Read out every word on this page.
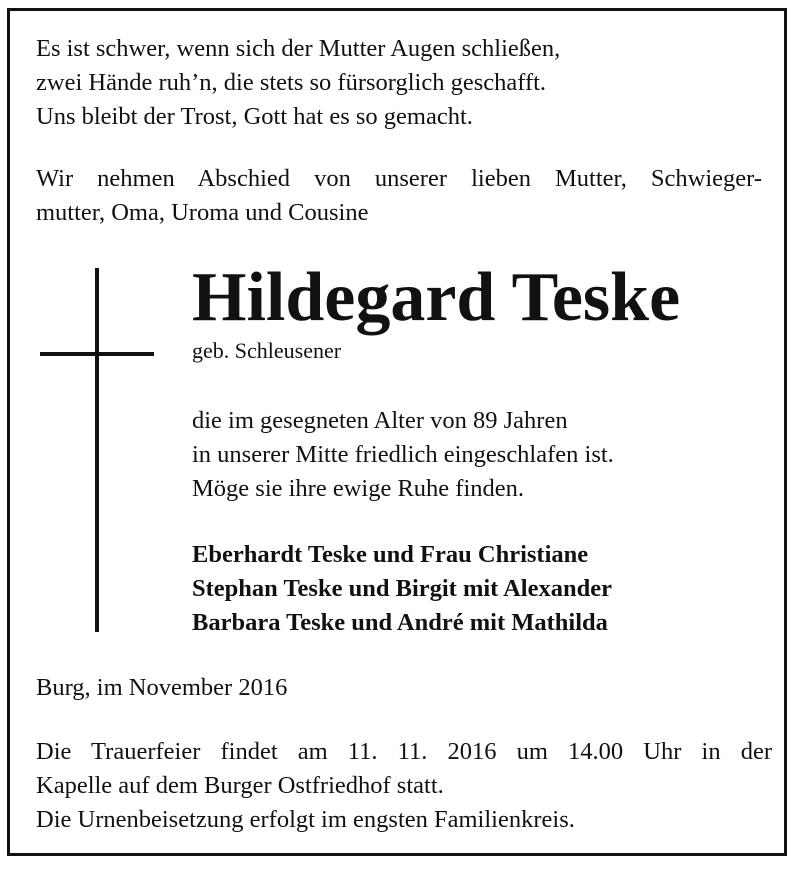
Es ist schwer, wenn sich der Mutter Augen schließen,
zwei Hände ruh’n, die stets so fürsorglich geschafft.
Uns bleibt der Trost, Gott hat es so gemacht.
Wir nehmen Abschied von unserer lieben Mutter, Schwieger-
mutter, Oma, Uroma und Cousine
Hildegard Teske
geb. Schleusener
die im gesegneten Alter von 89 Jahren
in unserer Mitte friedlich eingeschlafen ist.
Möge sie ihre ewige Ruhe finden.
Eberhardt Teske und Frau Christiane
Stephan Teske und Birgit mit Alexander
Barbara Teske und André mit Mathilda
Burg, im November 2016
Die Trauerfeier findet am 11. 11. 2016 um 14.00 Uhr in der
Kapelle auf dem Burger Ostfriedhof statt.
Die Urnenbeisetzung erfolgt im engsten Familienkreis.
